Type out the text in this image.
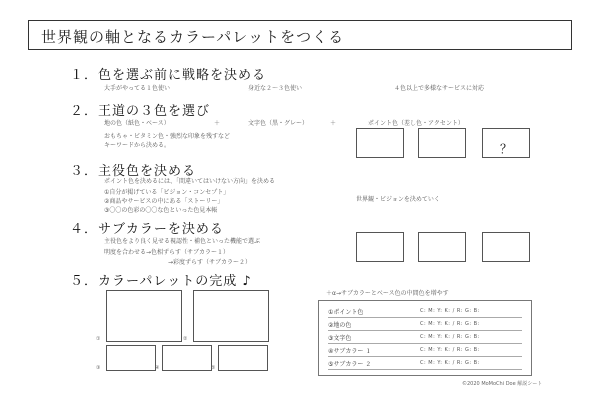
世界観の軸となるカラーパレットをつくる
１．色を選ぶ前に戦略を決める
大手がやってる１色使い	身近な２～３色使い	４色以上で多様なサービスに対応
２．王道の３色を選び
地の色（紙色・ベース）	＋	文字色（黒・グレー）	＋	ポイント色（差し色・アクセント）
おもちゃ・ビタミン色・強烈な印象を残すなど
キーワードから決める。	？
３．主役色を決める
ポイント色を決めるには、「間違いてはいけない方向」を決める
①自分が掲げている「ビジョン・コンセプト」
②商品やサービスの中にある「ストーリー」
③〇〇の色彩の〇〇な色といった色見本帳
世界観・ビジョンを決めていく
４．サブカラーを決める
主役色をより良く見せる視認性・補色といった機能で選ぶ
明度を合わせる→色相ずらす（サブカラー１）
→彩度ずらす（サブカラー２）
５．カラーパレットの完成 ♪
①	②
③	④	⑤
＋α→サブカラーとベース色の中間色を増やす
①ポイント色	C: M: Y: K: / R: G: B:
②地の色	C: M: Y: K: / R: G: B:
③文字色	C: M: Y: K: / R: G: B:
④サブカラー １	C: M: Y: K: / R: G: B:
⑤サブカラー ２	C: M: Y: K: / R: G: B:
©2020 MoMoChi Doe 解説シート
